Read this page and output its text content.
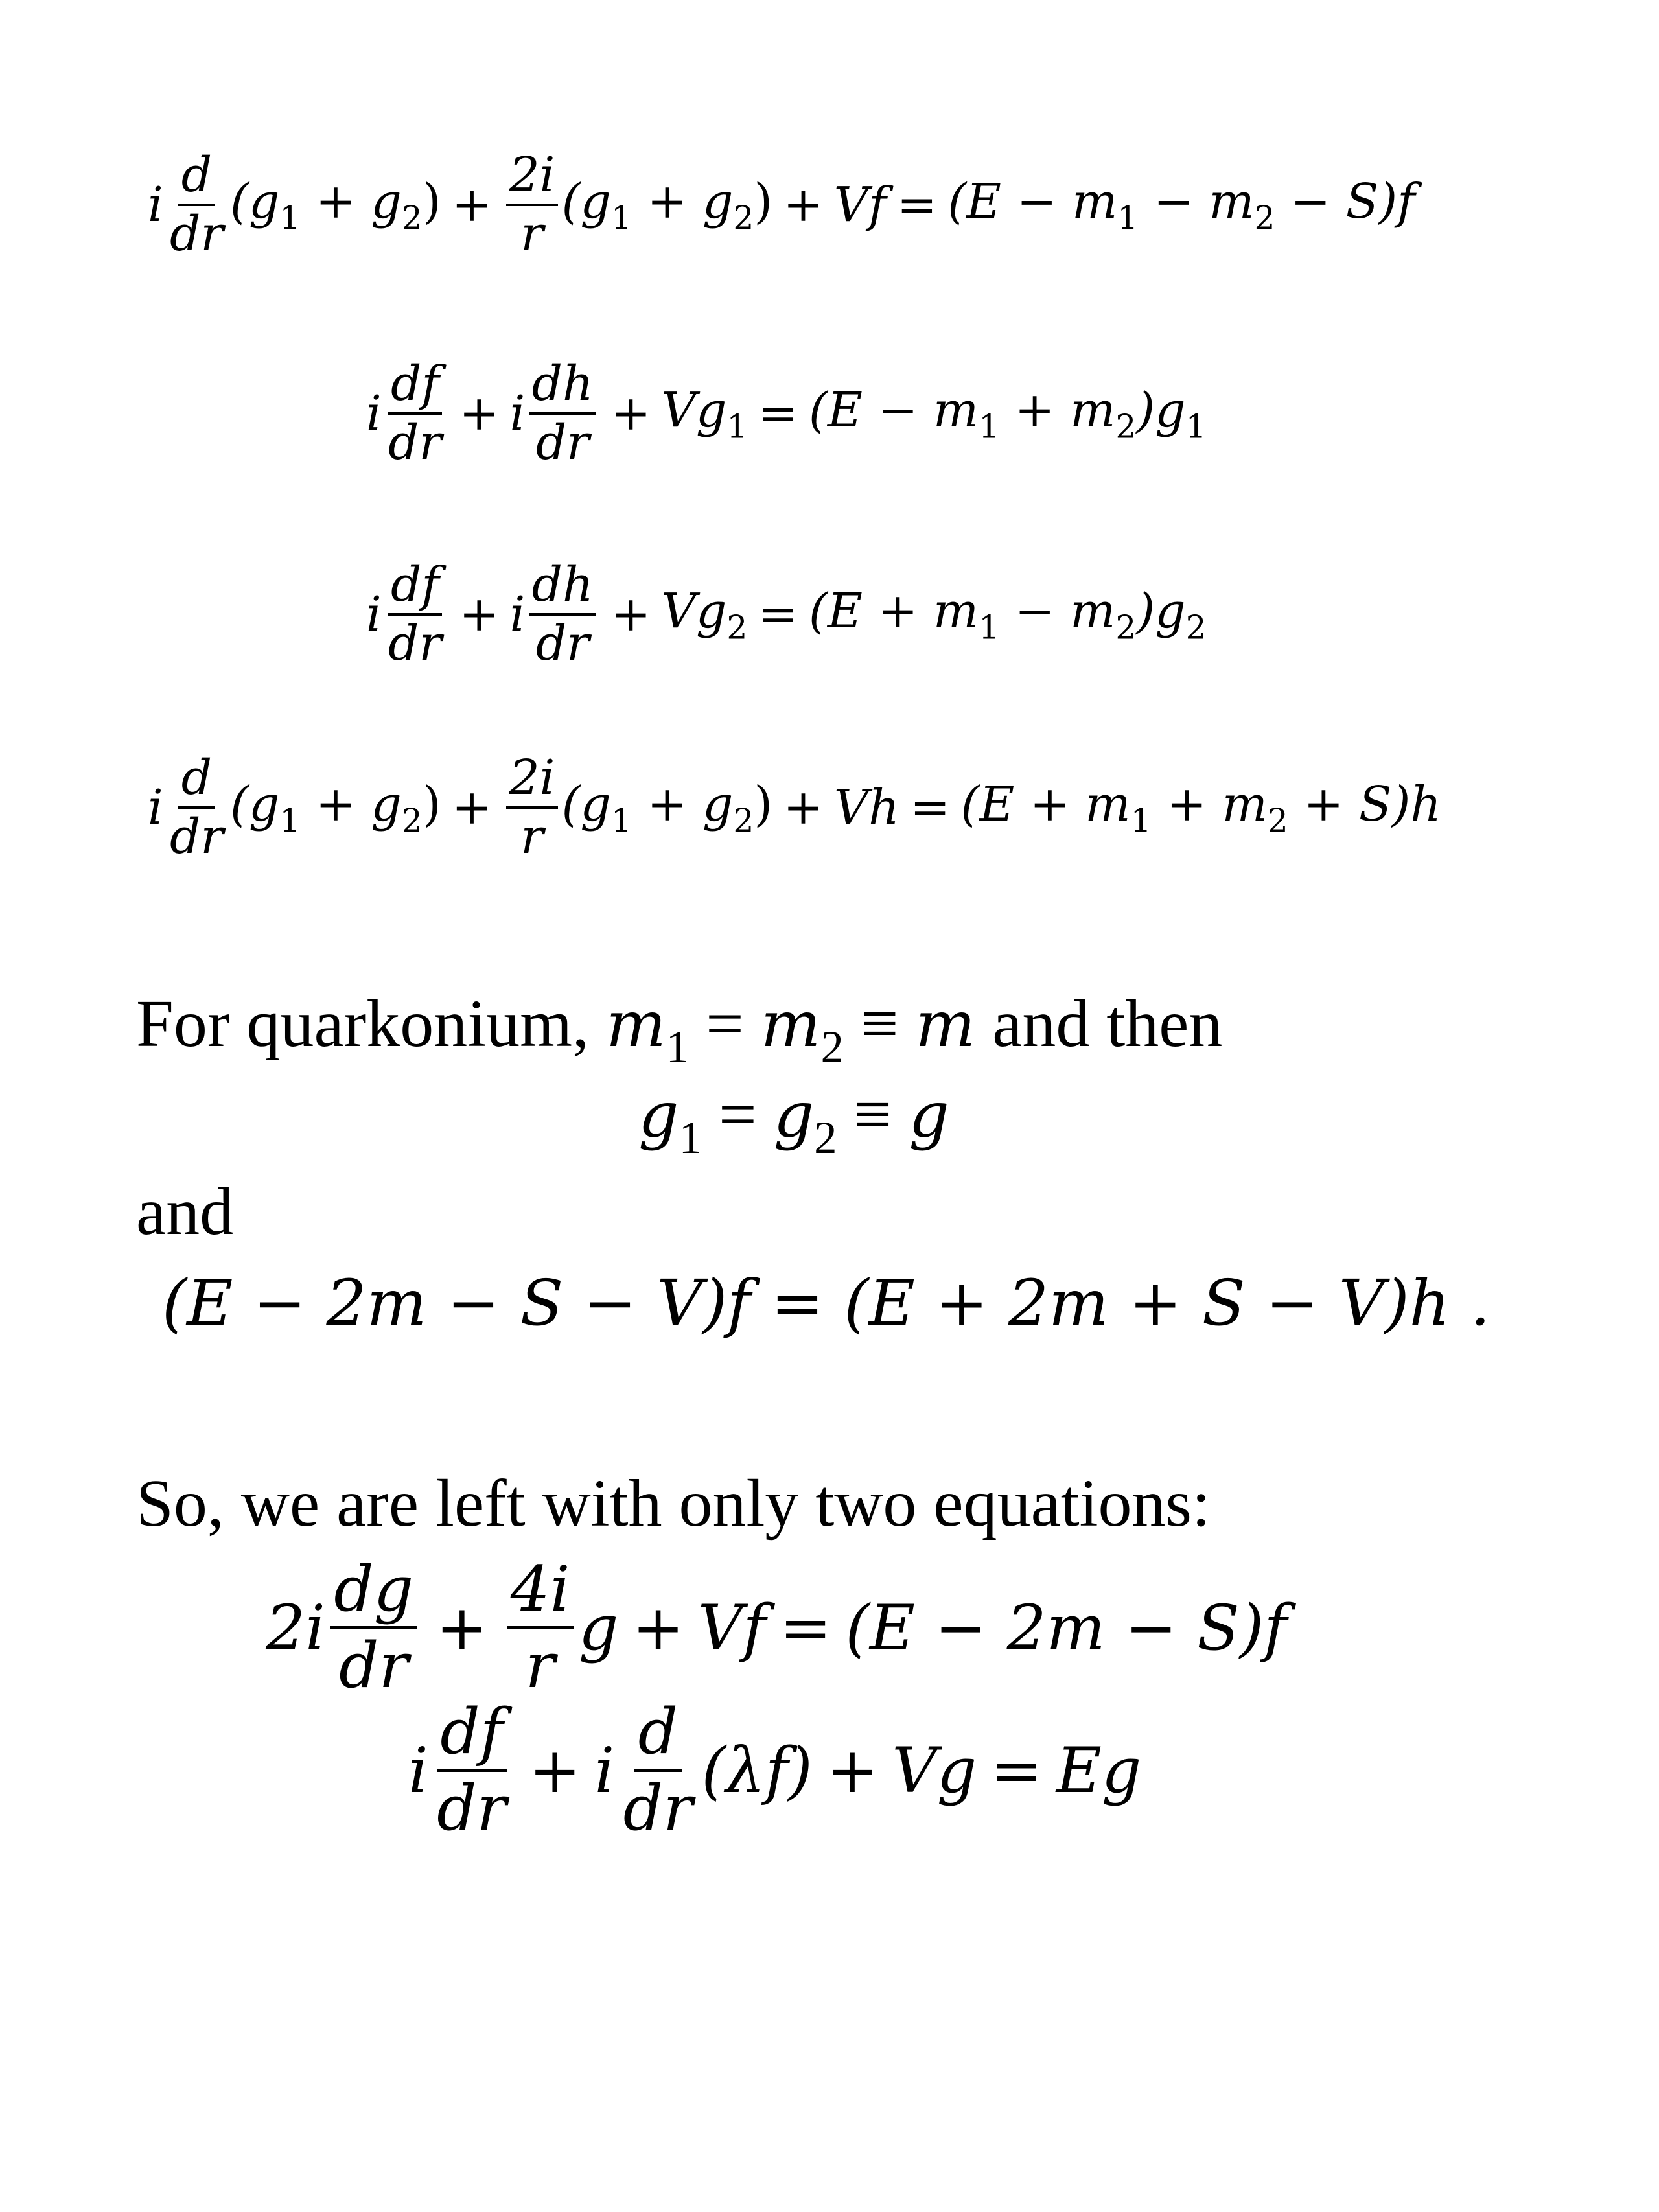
i $\frac{d}{dr} (g_1 + g_2) + \frac{2i}{r} (g_1 + g_2) + Vf = (E - m_1 - m_2 - S)f$
i $\frac{df}{dr} + i \frac{dh}{dr} + Vg_1 = (E - m_1 + m_2)g_1$
i $\frac{df}{dr} + i \frac{dh}{dr} + Vg_2 = (E + m_1 - m_2)g_2$
i $\frac{d}{dr} (g_1 + g_2) + \frac{2i}{r} (g_1 + g_2) + Vh = (E + m_1 + m_2 + S)h$
For quarkonium, $m_1 = m_2 \equiv m$ and then
$g_1 = g_2 \equiv g$
and
(E − 2m − S − V)f = (E + 2m + S − V)h .
So, we are left with only two equations:
$2i \frac{dg}{dr} + \frac{4i}{r}$ g + Vf = (E − 2m − S)f
i $\frac{df}{dr} + i \frac{d}{dr} (\lambda f) + Vg = Eg$
